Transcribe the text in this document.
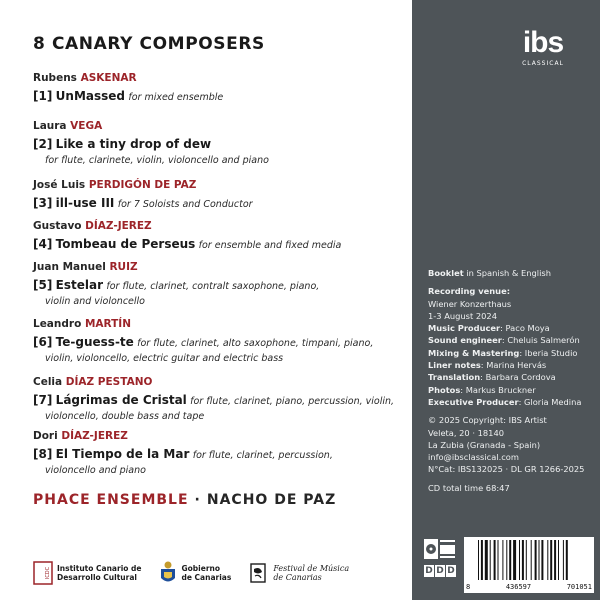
8 CANARY COMPOSERS
Rubens ASKENAR
[1] UnMassed for mixed ensemble
Laura VEGA
[2] Like a tiny drop of dew
for flute, clarinete, violin, violoncello and piano
José Luis PERDIGÓN DE PAZ
[3] ill-use III for 7 Soloists and Conductor
Gustavo DÍAZ-JEREZ
[4] Tombeau de Perseus for ensemble and fixed media
Juan Manuel RUIZ
[5] Estelar for flute, clarinet, contralt saxophone, piano,
violin and violoncello
Leandro MARTÍN
[6] Te-guess-te for flute, clarinet, alto saxophone, timpani, piano,
violin, violoncello, electric guitar and electric bass
Celia DÍAZ PESTANO
[7] Lágrimas de Cristal for flute, clarinet, piano, percussion, violin,
violoncello, double bass and tape
Dori DÍAZ-JEREZ
[8] El Tiempo de la Mar for flute, clarinet, percussion,
violoncello and piano
PHACE ENSEMBLE · NACHO DE PAZ
ICDC Instituto Canario de
Desarrollo Cultural
Gobierno
de Canarias
Festival de Música
de Canarias
ibs
CLASSICAL
Booklet in Spanish & English
Recording venue:
Wiener Konzerthaus
1-3 August 2024
Music Producer: Paco Moya
Sound engineer: Cheluis Salmerón
Mixing & Mastering: Iberia Studio
Liner notes: Marina Hervás
Translation: Barbara Cordova
Photos: Markus Bruckner
Executive Producer: Gloria Medina
© 2025 Copyright: IBS Artist
Veleta, 20 · 18140
La Zubia (Granada - Spain)
info@ibsclassical.com
N°Cat: IBS132025 · DL GR 1266-2025
CD total time 68:47
D D D
8	436597	701051
